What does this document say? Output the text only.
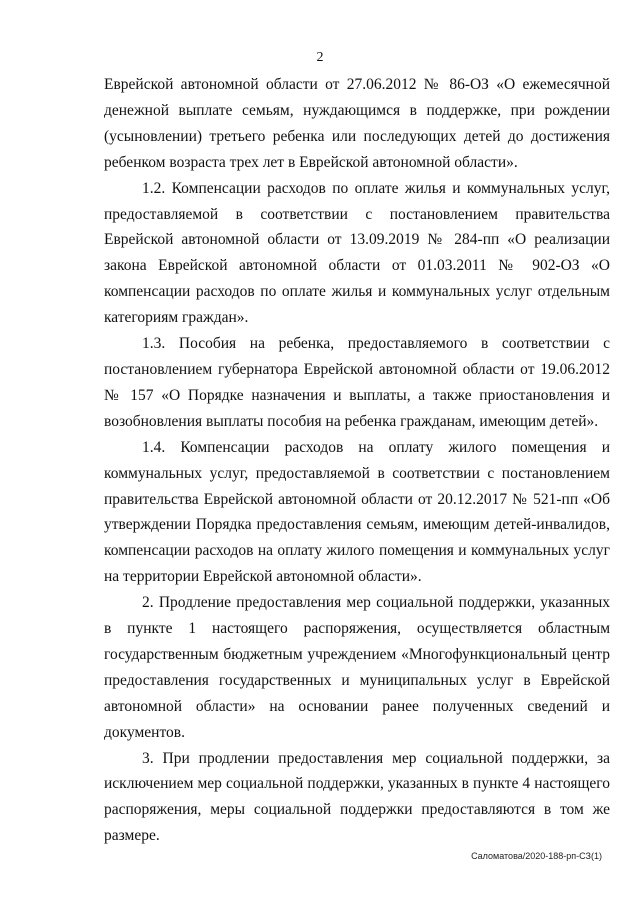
2

Еврейской автономной области от 27.06.2012 № 86-ОЗ «О ежемесячной денежной выплате семьям, нуждающимся в поддержке, при рождении (усыновлении) третьего ребенка или последующих детей до достижения ребенком возраста трех лет в Еврейской автономной области».

1.2. Компенсации расходов по оплате жилья и коммунальных услуг, предоставляемой в соответствии с постановлением правительства Еврейской автономной области от 13.09.2019 № 284-пп «О реализации закона Еврейской автономной области от 01.03.2011 № 902-ОЗ «О компенсации расходов по оплате жилья и коммунальных услуг отдельным категориям граждан».

1.3. Пособия на ребенка, предоставляемого в соответствии с постановлением губернатора Еврейской автономной области от 19.06.2012 № 157 «О Порядке назначения и выплаты, а также приостановления и возобновления выплаты пособия на ребенка гражданам, имеющим детей».

1.4. Компенсации расходов на оплату жилого помещения и коммунальных услуг, предоставляемой в соответствии с постановлением правительства Еврейской автономной области от 20.12.2017 № 521-пп «Об утверждении Порядка предоставления семьям, имеющим детей-инвалидов, компенсации расходов на оплату жилого помещения и коммунальных услуг на территории Еврейской автономной области».

2. Продление предоставления мер социальной поддержки, указанных в пункте 1 настоящего распоряжения, осуществляется областным государственным бюджетным учреждением «Многофункциональный центр предоставления государственных и муниципальных услуг в Еврейской автономной области» на основании ранее полученных сведений и документов.

3. При продлении предоставления мер социальной поддержки, за исключением мер социальной поддержки, указанных в пункте 4 настоящего распоряжения, меры социальной поддержки предоставляются в том же размере.

Саломатова/2020-188-рп-СЗ(1)
